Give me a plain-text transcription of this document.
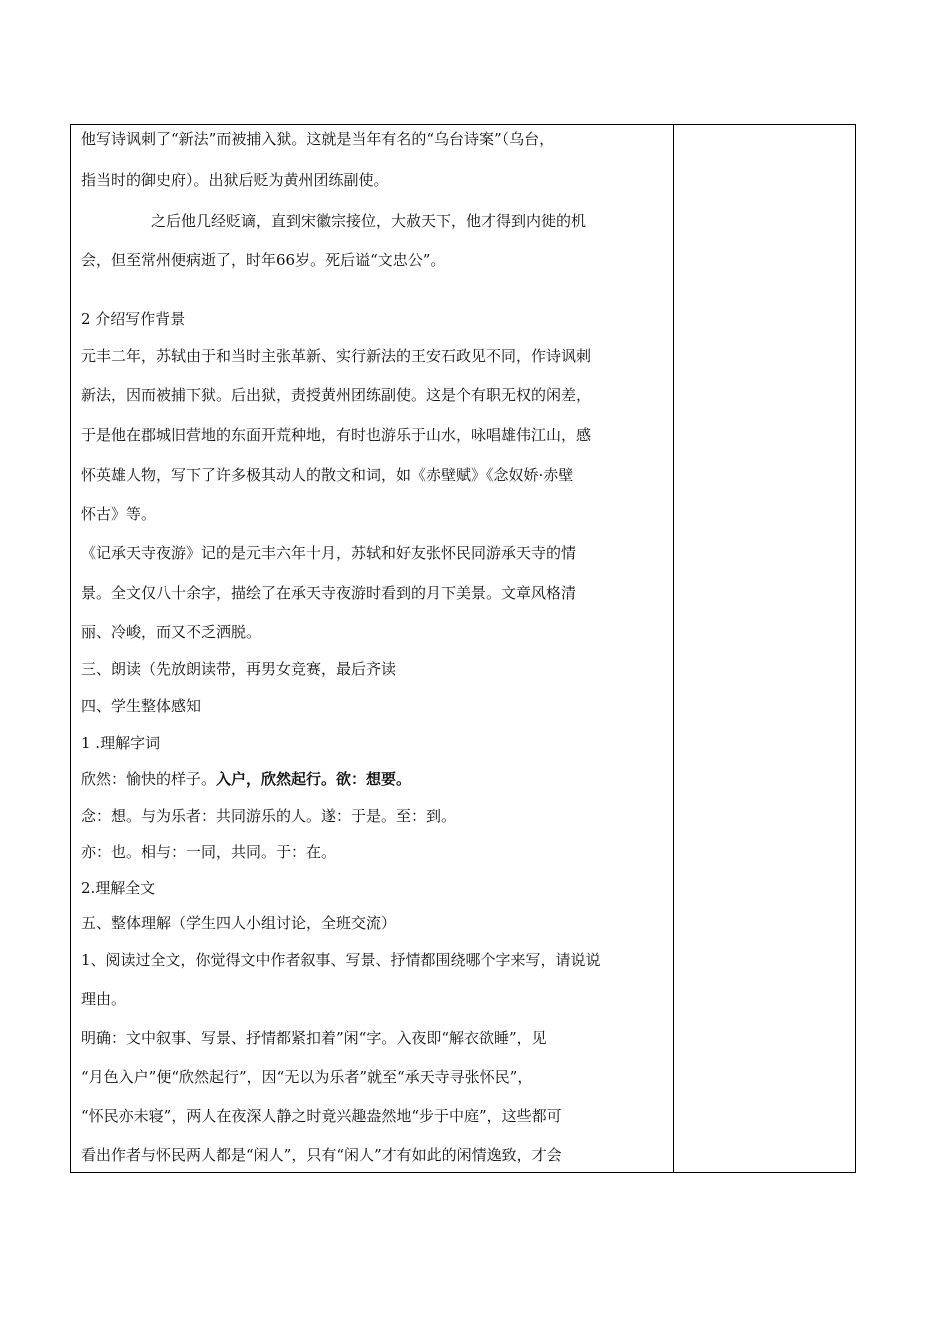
他写诗讽刺了“新法”而被捕入狱。这就是当年有名的“乌台诗案”（乌台，
指当时的御史府）。出狱后贬为黄州团练副使。
之后他几经贬谪，直到宋徽宗接位，大赦天下，他才得到内徙的机
会，但至常州便病逝了，时年66岁。死后谥“文忠公”。
2 介绍写作背景
元丰二年，苏轼由于和当时主张革新、实行新法的王安石政见不同，作诗讽刺
新法，因而被捕下狱。后出狱，责授黄州团练副使。这是个有职无权的闲差，
于是他在郡城旧营地的东面开荒种地，有时也游乐于山水，咏唱雄伟江山，感
怀英雄人物，写下了许多极其动人的散文和词，如《赤壁赋》《念奴娇·赤壁
怀古》等。
《记承天寺夜游》记的是元丰六年十月，苏轼和好友张怀民同游承天寺的情
景。全文仅八十余字，描绘了在承天寺夜游时看到的月下美景。文章风格清
丽、冷峻，而又不乏洒脱。
三、朗读（先放朗读带，再男女竞赛，最后齐读
四、学生整体感知
1 .理解字词
欣然：愉快的样子。入户，欣然起行。欲：想要。
念：想。与为乐者：共同游乐的人。遂：于是。至：到。
亦：也。相与：一同，共同。于：在。
2.理解全文
五、整体理解（学生四人小组讨论，全班交流）
1、阅读过全文，你觉得文中作者叙事、写景、抒情都围绕哪个字来写，请说说
理由。
明确：文中叙事、写景、抒情都紧扣着”闲“字。入夜即“解衣欲睡”，见
“月色入户”便“欣然起行”，因“无以为乐者”就至“承天寺寻张怀民”，
“怀民亦未寝”，两人在夜深人静之时竟兴趣盎然地“步于中庭”，这些都可
看出作者与怀民两人都是“闲人”，只有“闲人”才有如此的闲情逸致，才会
